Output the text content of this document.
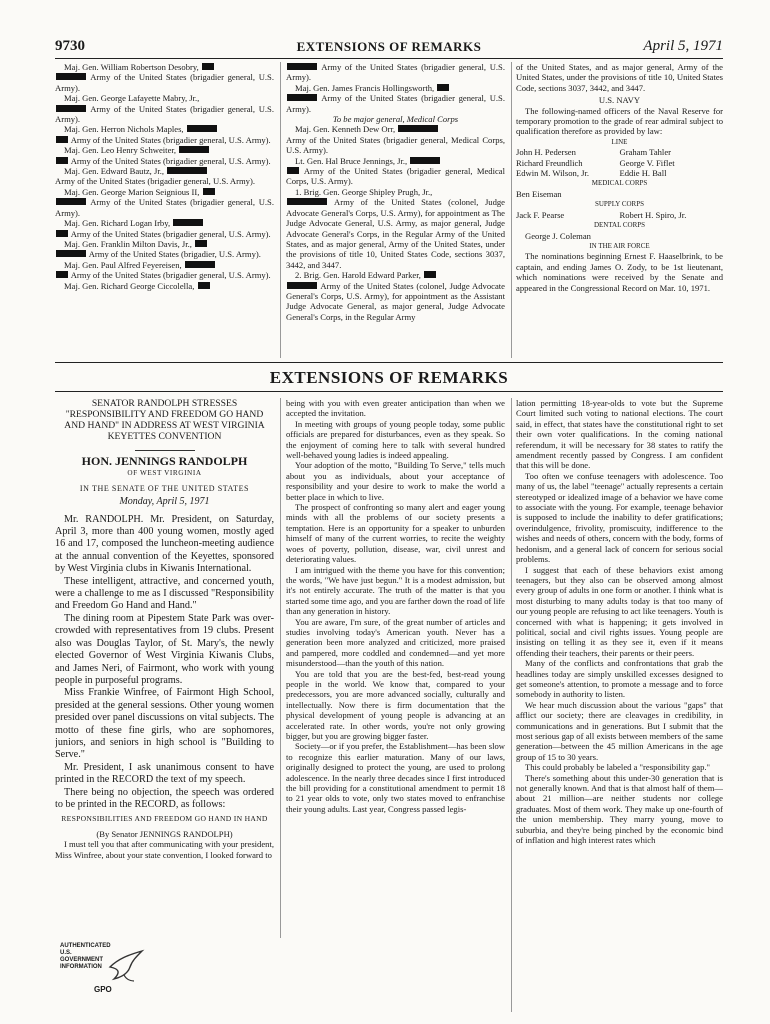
9730	EXTENSIONS OF REMARKS	April 5, 1971

Maj. Gen. William Robertson Desobry,

Army of the United States (brigadier general, U.S. Army).

Maj. Gen. George Lafayette Mabry, Jr.,

Army of the United States (brigadier general, U.S. Army).

Maj. Gen. Herron Nichols Maples,

Army of the United States (brigadier general, U.S. Army).

Maj. Gen. Leo Henry Schweiter,

Army of the United States (brigadier general, U.S. Army).

Maj. Gen. Edward Bautz, Jr.,

Army of the United States (brigadier general, U.S. Army).

Maj. Gen. George Marion Seignious II,

Army of the United States (brigadier general, U.S. Army).

Maj. Gen. Richard Logan Irby,

Army of the United States (brigadier general, U.S. Army).

Maj. Gen. Franklin Milton Davis, Jr.,

Army of the United States (brigadier, U.S. Army).

Maj. Gen. Paul Alfred Feyereisen,

Army of the United States (brigadier general, U.S. Army).

Maj. Gen. Richard George Ciccolella,

Army of the United States (brigadier general, U.S. Army).

Maj. Gen. James Francis Hollingsworth,

Army of the United States (brigadier general, U.S. Army).

To be major general, Medical Corps

Maj. Gen. Kenneth Dew Orr,

Army of the United States (brigadier general, Medical Corps, U.S. Army).

Lt. Gen. Hal Bruce Jennings, Jr.,

Army of the United States (brigadier general, Medical Corps, U.S. Army).

1. Brig. Gen. George Shipley Prugh, Jr.,

Army of the United States (colonel, Judge Advocate General's Corps, U.S. Army), for appointment as The Judge Advocate General, U.S. Army, as major general, Judge Advocate General's Corps, in the Regular Army of the United States, and as major general, Army of the United States, under the provisions of title 10, United States Code, sections 3037, 3442, and 3447.

2. Brig. Gen. Harold Edward Parker,

Army of the United States (colonel, Judge Advocate General's Corps, U.S. Army), for appointment as the Assistant Judge Advocate General, as major general, Judge Advocate General's Corps, in the Regular Army

of the United States, and as major general, Army of the United States, under the provisions of title 10, United States Code, sections 3037, 3442, and 3447.

U.S. NAVY

The following-named officers of the Naval Reserve for temporary promotion to the grade of rear admiral subject to qualification therefore as provided by law:

LINE

John H. Pedersen	Graham Tahler
Richard Freundlich	George V. Fiflet
Edwin M. Wilson, Jr.	Eddie H. Ball

MEDICAL CORPS

Ben Eiseman

SUPPLY CORPS

Jack F. Pearse	Robert H. Spiro, Jr.

DENTAL CORPS

George J. Coleman

IN THE AIR FORCE

The nominations beginning Ernest F. Haaselbrink, to be captain, and ending James O. Zody, to be 1st lieutenant, which nominations were received by the Senate and appeared in the Congressional Record on Mar. 10, 1971.

EXTENSIONS OF REMARKS
SENATOR RANDOLPH STRESSES "RESPONSIBILITY AND FREEDOM GO HAND AND HAND" IN ADDRESS AT WEST VIRGINIA KEYETTES CONVENTION
HON. JENNINGS RANDOLPH
OF WEST VIRGINIA
IN THE SENATE OF THE UNITED STATES
Monday, April 5, 1971

Mr. RANDOLPH. Mr. President, on Saturday, April 3, more than 400 young women, mostly aged 16 and 17, composed the luncheon-meeting audience at the annual convention of the Keyettes, sponsored by West Virginia clubs in Kiwanis International.

These intelligent, attractive, and concerned youth, were a challenge to me as I discussed "Responsibility and Freedom Go Hand and Hand."

The dining room at Pipestem State Park was over-crowded with representatives from 19 clubs. Present also was Douglas Taylor, of St. Mary's, the newly elected Governor of West Virginia Kiwanis Clubs, and James Neri, of Fairmont, who work with young people in purposeful programs.

Miss Frankie Winfree, of Fairmont High School, presided at the general sessions. Other young women presided over panel discussions on vital subjects. The motto of these fine girls, who are sophomores, juniors, and seniors in high school is "Building to Serve."

Mr. President, I ask unanimous consent to have printed in the RECORD the text of my speech.

There being no objection, the speech was ordered to be printed in the RECORD, as follows:

RESPONSIBILITIES AND FREEDOM GO HAND IN HAND

(By Senator JENNINGS RANDOLPH)

I must tell you that after communicating with your president, Miss Winfree, about your state convention, I looked forward to

being with you with even greater anticipation than when we accepted the invitation.

In meeting with groups of young people today, some public officials are prepared for disturbances, even as they speak. So the enjoyment of coming here to talk with several hundred well-behaved young ladies is indeed appealing.

Your adoption of the motto, "Building To Serve," tells much about you as individuals, about your acceptance of responsibility and your desire to work to make the world a better place in which to live.

The prospect of confronting so many alert and eager young minds with all the problems of our society presents a temptation. Here is an opportunity for a speaker to unburden himself of many of the current worries, to recite the weighty woes of poverty, pollution, disease, war, civil unrest and deteriorating values.

I am intrigued with the theme you have for this convention; the words, "We have just begun." It is a modest admission, but it's not entirely accurate. The truth of the matter is that you started some time ago, and you are farther down the road of life than any generation in history.

You are aware, I'm sure, of the great number of articles and studies involving today's American youth. Never has a generation been more analyzed and criticized, more praised and pampered, more coddled and condemned—and yet more misunderstood—than the youth of this nation.

You are told that you are the best-fed, best-read young people in the world. We know that, compared to your predecessors, you are more advanced socially, culturally and intellectually. Now there is firm documentation that the physical development of young people is advancing at an accelerated rate. In other words, you're not only growing bigger, but you are growing bigger faster.

Society—or if you prefer, the Establishment—has been slow to recognize this earlier maturation. Many of our laws, originally designed to protect the young, are used to prolong adolescence. In the nearly three decades since I first introduced the bill providing for a constitutional amendment to permit 18 to 21 year olds to vote, only two states moved to enfranchise their young adults. Last year, Congress passed legis-

lation permitting 18-year-olds to vote but the Supreme Court limited such voting to national elections. The court said, in effect, that states have the constitutional right to set their own voter qualifications. In the coming national referendum, it will be necessary for 38 states to ratify the amendment recently passed by Congress. I am confident that this will be done.

Too often we confuse teenagers with adolescence. Too many of us, the label "teenage" actually represents a certain stereotyped or idealized image of a behavior we have come to associate with the young. For example, teenage behavior is supposed to include the inability to defer gratifications; overindulgence, frivolity, promiscuity, indifference to the wishes and needs of others, concern with the body, forms of hedonism, and a general lack of concern for serious social problems.

I suggest that each of these behaviors exist among teenagers, but they also can be observed among almost every group of adults in one form or another. I think what is most disturbing to many adults today is that too many of our young people are refusing to act like teenagers. Youth is concerned with what is happening; it gets involved in political, social and civil rights issues. Young people are insisting on telling it as they see it, even if it means offending their teachers, their parents or their peers.

Many of the conflicts and confrontations that grab the headlines today are simply unskilled excesses designed to get someone's attention, to promote a message and to force somebody in authority to listen.

We hear much discussion about the various "gaps" that afflict our society; there are cleavages in credibility, in communications and in generations. But I submit that the most serious gap of all exists between members of the same generation—between the 45 million Americans in the age group of 15 to 30 years.

This could probably be labeled a "responsibility gap."

There's something about this under-30 generation that is not generally known. And that is that almost half of them—about 21 million—are neither students nor college graduates. Most of them work. They make up one-fourth of the union membership. They marry young, move to suburbia, and they're being pinched by the economic bind of inflation and high interest rates which

AUTHENTICATED U.S. GOVERNMENT INFORMATION
GPO
